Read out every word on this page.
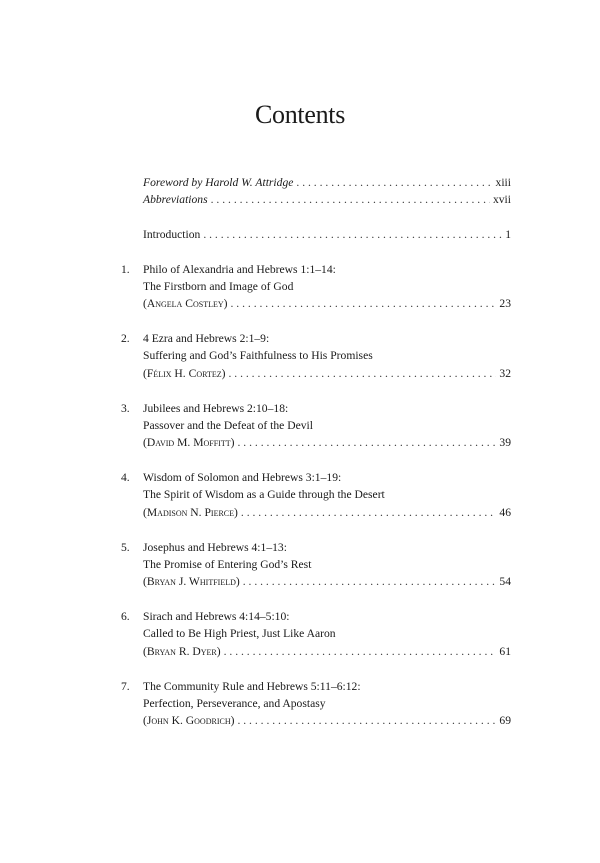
Contents
Foreword by Harold W. Attridge . . .	xiii
Abbreviations . . .	xvii
Introduction . . .	1
1. Philo of Alexandria and Hebrews 1:1–14:
The Firstborn and Image of God
(Angela Costley) . . .	23
2. 4 Ezra and Hebrews 2:1–9:
Suffering and God’s Faithfulness to His Promises
(Félix H. Cortez) . . .	32
3. Jubilees and Hebrews 2:10–18:
Passover and the Defeat of the Devil
(David M. Moffitt) . . .	39
4. Wisdom of Solomon and Hebrews 3:1–19:
The Spirit of Wisdom as a Guide through the Desert
(Madison N. Pierce) . . .	46
5. Josephus and Hebrews 4:1–13:
The Promise of Entering God’s Rest
(Bryan J. Whitfield) . . .	54
6. Sirach and Hebrews 4:14–5:10:
Called to Be High Priest, Just Like Aaron
(Bryan R. Dyer) . . .	61
7. The Community Rule and Hebrews 5:11–6:12:
Perfection, Perseverance, and Apostasy
(John K. Goodrich) . . .	69
